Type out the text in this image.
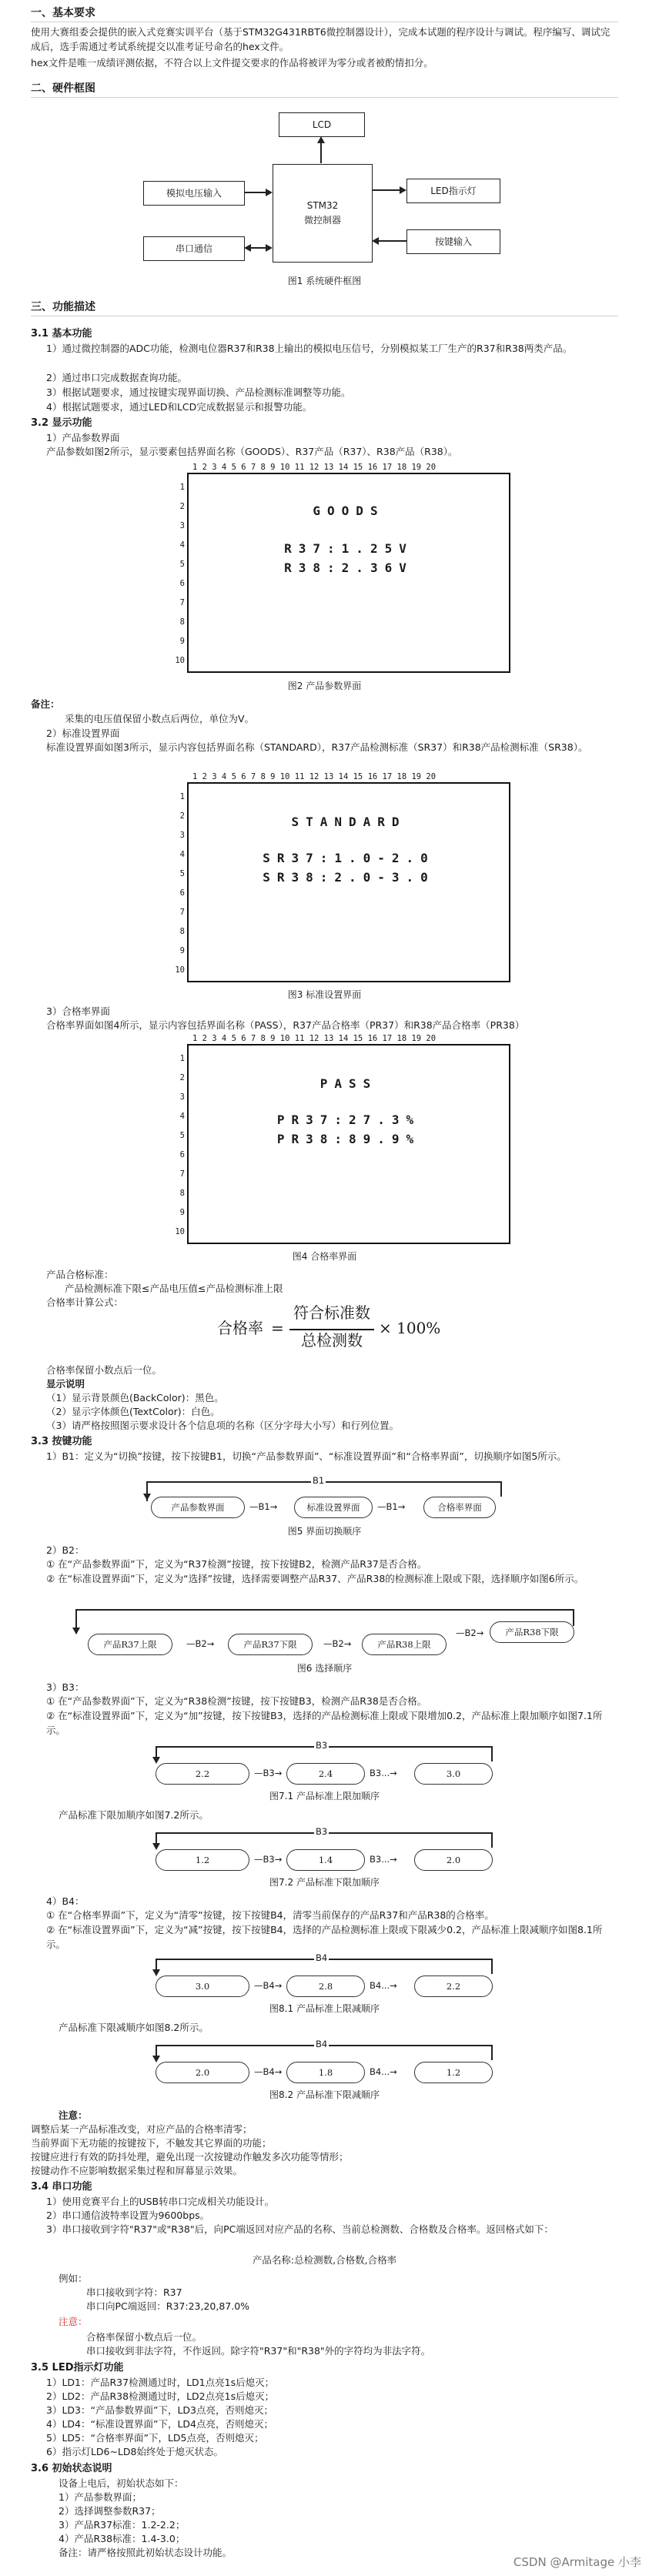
一、基本要求
使用大赛组委会提供的嵌入式竞赛实训平台（基于STM32G431RBT6微控制器设计），完成本试题的程序设计与调试。程序编写、调试完成后，选手需通过考试系统提交以准考证号命名的hex文件。
hex文件是唯一成绩评测依据，不符合以上文件提交要求的作品将被评为零分或者被酌情扣分。
二、硬件框图
LCD
STM32
微控制器
模拟电压输入	LED指示灯
串口通信
按键输入
图1 系统硬件框图
三、功能描述
3.1 基本功能
1）通过微控制器的ADC功能，检测电位器R37和R38上输出的模拟电压信号，分别模拟某工厂生产的R37和R38两类产品。
2）通过串口完成数据查询功能。
3）根据试题要求，通过按键实现界面切换、产品检测标准调整等功能。
4）根据试题要求，通过LED和LCD完成数据显示和报警功能。
3.2 显示功能
1）产品参数界面
产品参数如图2所示，显示要素包括界面名称（GOODS）、R37产品（R37）、R38产品（R38）。
1 2 3 4 5 6 7 8 9 10 11 12 13 14 15 16 17 18 19 20
GOODS
R37:1.25V
R38:2.36V
1
2
3
4
5
6
7
8
9
10
图2 产品参数界面
备注：
采集的电压值保留小数点后两位，单位为V。
2）标准设置界面
标准设置界面如图3所示，显示内容包括界面名称（STANDARD），R37产品检测标准（SR37）和R38产品检测标准（SR38）。
1 2 3 4 5 6 7 8 9 10 11 12 13 14 15 16 17 18 19 20
STANDARD
SR37:1.0-2.0
SR38:2.0-3.0
1
2
3
4
5
6
7
8
9
10
图3 标准设置界面
3）合格率界面
合格率界面如图4所示，显示内容包括界面名称（PASS），R37产品合格率（PR37）和R38产品合格率（PR38）
1 2 3 4 5 6 7 8 9 10 11 12 13 14 15 16 17 18 19 20
PASS
PR37:27.3%
PR38:89.9%
1
2
3
4
5
6
7
8
9
10
图4 合格率界面
产品合格标准：
产品检测标准下限≤产品电压值≤产品检测标准上限
合格率计算公式：
合格率 =
符合标准数
总检测数
× 100%
合格率保留小数点后一位。
显示说明
（1）显示背景颜色(BackColor)：黑色。
（2）显示字体颜色(TextColor)：白色。
（3）请严格按照图示要求设计各个信息项的名称（区分字母大小写）和行列位置。
3.3 按键功能
1）B1：定义为“切换”按键，按下按键B1，切换“产品参数界面”、“标准设置界面”和“合格率界面”，切换顺序如图5所示。
B1
产品参数界面	—B1→	标准设置界面	—B1→	合格率界面
图5 界面切换顺序
2）B2：
① 在“产品参数界面”下，定义为“R37检测”按键，按下按键B2，检测产品R37是否合格。
② 在“标准设置界面”下，定义为“选择”按键，选择需要调整产品R37、产品R38的检测标准上限或下限，选择顺序如图6所示。
产品R37上限	—B2→	产品R37下限	—B2→	产品R38上限
—B2→	产品R38下限
图6 选择顺序
3）B3：
① 在“产品参数界面”下，定义为“R38检测”按键，按下按键B3，检测产品R38是否合格。
② 在“标准设置界面”下，定义为“加”按键，按下按键B3，选择的产品检测标准上限或下限增加0.2，产品标准上限加顺序如图7.1所示。
B3
2.2	—B3→	2.4	B3...→	3.0
图7.1 产品标准上限加顺序
产品标准下限加顺序如图7.2所示。
B3
1.2	—B3→	1.4	B3...→	2.0
图7.2 产品标准下限加顺序
4）B4：
① 在“合格率界面”下，定义为“清零”按键，按下按键B4，清零当前保存的产品R37和产品R38的合格率。
② 在“标准设置界面”下，定义为“减”按键，按下按键B4，选择的产品检测标准上限或下限减少0.2，产品标准上限减顺序如图8.1所示。
B4
3.0	—B4→	2.8	B4...→	2.2
图8.1 产品标准上限减顺序
产品标准下限减顺序如图8.2所示。
B4
2.0	—B4→	1.8	B4...→	1.2
图8.2 产品标准下限减顺序
注意：
调整后某一产品标准改变，对应产品的合格率清零；
当前界面下无功能的按键按下，不触发其它界面的功能；
按键应进行有效的防抖处理，避免出现一次按键动作触发多次功能等情形；
按键动作不应影响数据采集过程和屏幕显示效果。
3.4 串口功能
1）使用竞赛平台上的USB转串口完成相关功能设计。
2）串口通信波特率设置为9600bps。
3）串口接收到字符"R37"或"R38"后，向PC端返回对应产品的名称、当前总检测数、合格数及合格率。返回格式如下：
产品名称:总检测数,合格数,合格率
例如：
串口接收到字符：R37
串口向PC端返回：R37:23,20,87.0%
注意：
合格率保留小数点后一位。
串口接收到非法字符，不作返回。除字符"R37"和"R38"外的字符均为非法字符。
3.5 LED指示灯功能
1）LD1：产品R37检测通过时，LD1点亮1s后熄灭；
2）LD2：产品R38检测通过时，LD2点亮1s后熄灭；
3）LD3：“产品参数界面”下，LD3点亮，否则熄灭；
4）LD4：“标准设置界面”下，LD4点亮，否则熄灭；
5）LD5：“合格率界面”下，LD5点亮，否则熄灭；
6）指示灯LD6~LD8始终处于熄灭状态。
3.6 初始状态说明
设备上电后，初始状态如下：
1）产品参数界面；
2）选择调整参数R37；
3）产品R37标准：1.2-2.2；
4）产品R38标准：1.4-3.0；
备注：请严格按照此初始状态设计功能。
CSDN @Armitage 小李
